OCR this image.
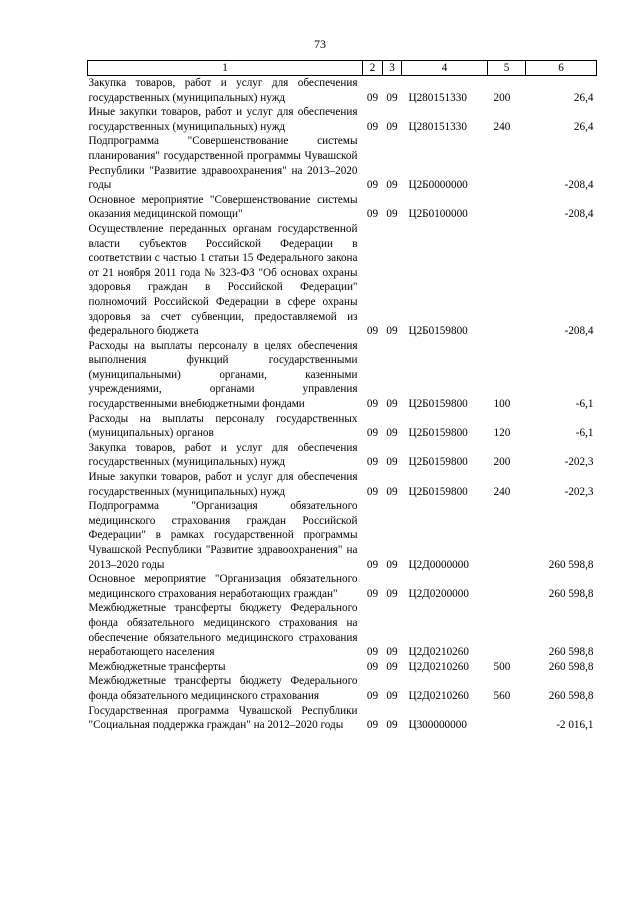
73
1	2	3	4	5	6
Закупка товаров, работ и услуг для обеспечения государственных (муниципальных) нужд	09	09	Ц280151330	200	26,4
Иные закупки товаров, работ и услуг для обеспечения государственных (муниципальных) нужд	09	09	Ц280151330	240	26,4
Подпрограмма "Совершенствование системы планирования" государственной программы Чувашской Республики "Развитие здравоохранения" на 2013–2020 годы	09	09	Ц2Б0000000		-208,4
Основное мероприятие "Совершенствование системы оказания медицинской помощи"	09	09	Ц2Б0100000		-208,4
Осуществление переданных органам государственной власти субъектов Российской Федерации в соответствии с частью 1 статьи 15 Федерального закона от 21 ноября 2011 года № 323-ФЗ "Об основах охраны здоровья граждан в Российской Федерации" полномочий Российской Федерации в сфере охраны здоровья за счет субвенции, предоставляемой из федерального бюджета	09	09	Ц2Б0159800		-208,4
Расходы на выплаты персоналу в целях обеспечения выполнения функций государственными (муниципальными) органами, казенными учреждениями, органами управления государственными внебюджетными фондами	09	09	Ц2Б0159800	100	-6,1
Расходы на выплаты персоналу государственных (муниципальных) органов	09	09	Ц2Б0159800	120	-6,1
Закупка товаров, работ и услуг для обеспечения государственных (муниципальных) нужд	09	09	Ц2Б0159800	200	-202,3
Иные закупки товаров, работ и услуг для обеспечения государственных (муниципальных) нужд	09	09	Ц2Б0159800	240	-202,3
Подпрограмма "Организация обязательного медицинского страхования граждан Российской Федерации" в рамках государственной программы Чувашской Республики "Развитие здравоохранения" на 2013–2020 годы	09	09	Ц2Д0000000		260 598,8
Основное мероприятие "Организация обязательного медицинского страхования неработающих граждан"	09	09	Ц2Д0200000		260 598,8
Межбюджетные трансферты бюджету Федерального фонда обязательного медицинского страхования на обеспечение обязательного медицинского страхования неработающего населения	09	09	Ц2Д0210260		260 598,8
Межбюджетные трансферты	09	09	Ц2Д0210260	500	260 598,8
Межбюджетные трансферты бюджету Федерального фонда обязательного медицинского страхования	09	09	Ц2Д0210260	560	260 598,8
Государственная программа Чувашской Республики "Социальная поддержка граждан" на 2012–2020 годы	09	09	Ц300000000		-2 016,1
